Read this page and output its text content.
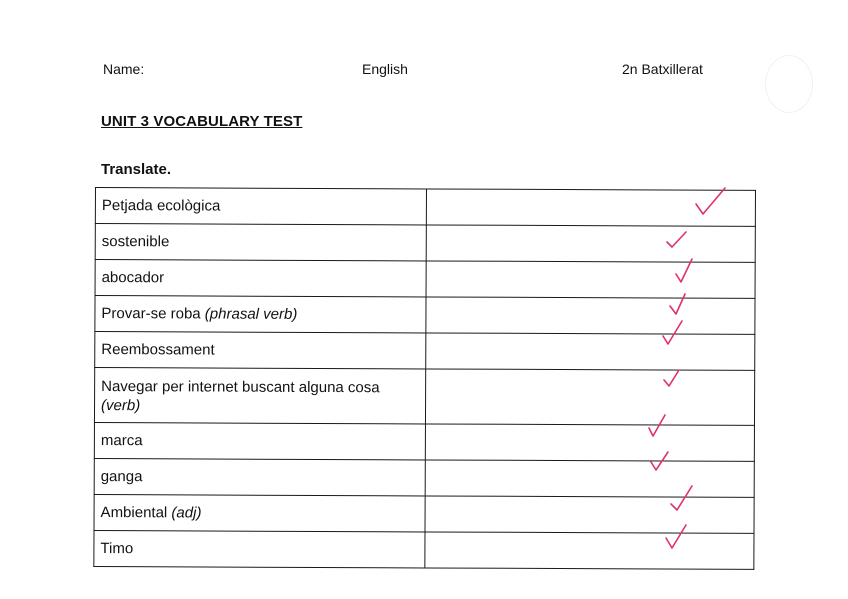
Name:	English	2n Batxillerat
UNIT 3 VOCABULARY TEST
Translate.
Petjada ecològica	
sostenible	
abocador	
Provar-se roba (phrasal verb)	
Reembossament	
Navegar per internet buscant alguna cosa (verb)	
marca	
ganga	
Ambiental (adj)	
Timo	
